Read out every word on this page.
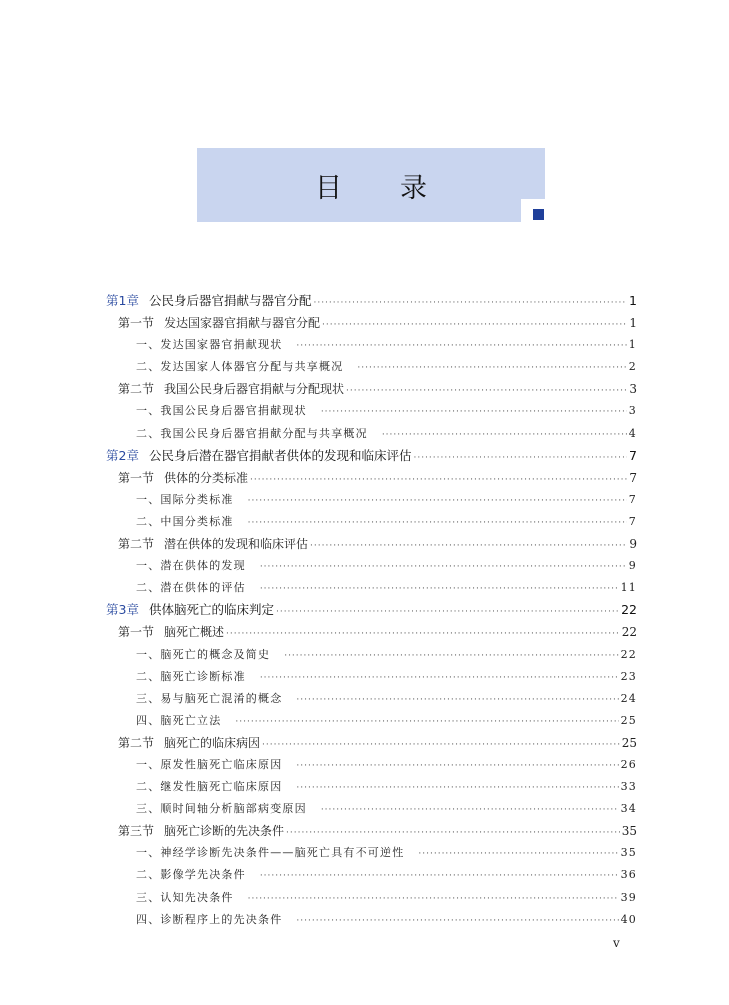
目 录
第1章 公民身后器官捐献与器官分配 ·····	1
第一节 发达国家器官捐献与器官分配 ·····	1
一、发达国家器官捐献现状 ·····	1
二、发达国家人体器官分配与共享概况 ·····	2
第二节 我国公民身后器官捐献与分配现状 ·····	3
一、我国公民身后器官捐献现状 ·····	3
二、我国公民身后器官捐献分配与共享概况 ·····	4
第2章 公民身后潜在器官捐献者供体的发现和临床评估 ·····	7
第一节 供体的分类标准 ·····	7
一、国际分类标准 ·····	7
二、中国分类标准 ·····	7
第二节 潜在供体的发现和临床评估 ·····	9
一、潜在供体的发现 ·····	9
二、潜在供体的评估 ·····	11
第3章 供体脑死亡的临床判定 ·····	22
第一节 脑死亡概述 ·····	22
一、脑死亡的概念及简史 ·····	22
二、脑死亡诊断标准 ·····	23
三、易与脑死亡混淆的概念 ·····	24
四、脑死亡立法 ·····	25
第二节 脑死亡的临床病因 ·····	25
一、原发性脑死亡临床原因 ·····	26
二、继发性脑死亡临床原因 ·····	33
三、顺时间轴分析脑部病变原因 ·····	34
第三节 脑死亡诊断的先决条件 ·····	35
一、神经学诊断先决条件——脑死亡具有不可逆性 ·····	35
二、影像学先决条件 ·····	36
三、认知先决条件 ·····	39
四、诊断程序上的先决条件 ·····	40
v
